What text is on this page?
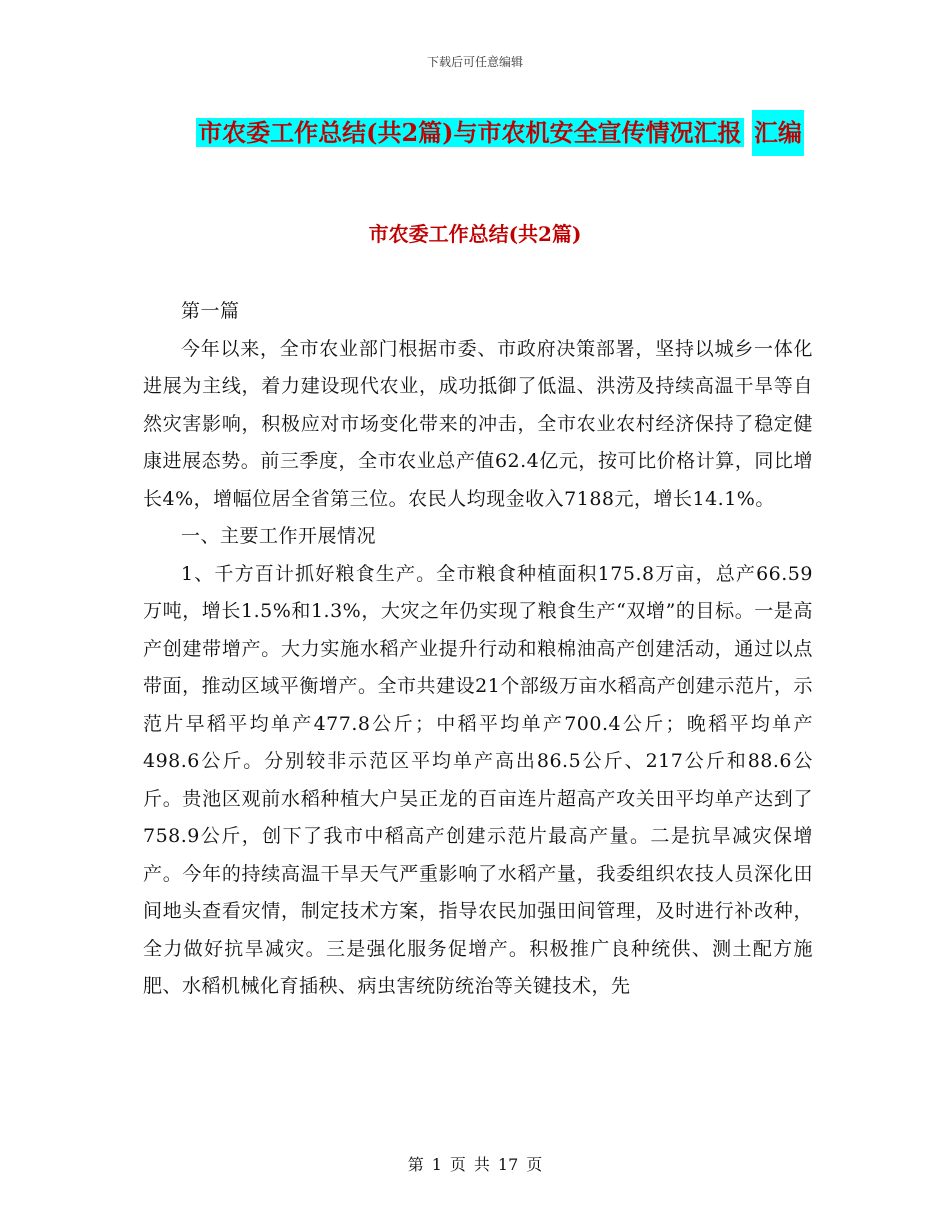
下载后可任意编辑
市农委工作总结(共2篇)与市农机安全宣传情况汇报 汇编
市农委工作总结(共2篇)

第一篇

今年以来，全市农业部门根据市委、市政府决策部署，坚持以城乡一体化进展为主线，着力建设现代农业，成功抵御了低温、洪涝及持续高温干旱等自然灾害影响，积极应对市场变化带来的冲击，全市农业农村经济保持了稳定健康进展态势。前三季度，全市农业总产值62.4亿元，按可比价格计算，同比增长4%，增幅位居全省第三位。农民人均现金收入7188元，增长14.1%。

一、主要工作开展情况

1、千方百计抓好粮食生产。全市粮食种植面积175.8万亩，总产66.59万吨，增长1.5%和1.3%，大灾之年仍实现了粮食生产“双增”的目标。一是高产创建带增产。大力实施水稻产业提升行动和粮棉油高产创建活动，通过以点带面，推动区域平衡增产。全市共建设21个部级万亩水稻高产创建示范片，示范片早稻平均单产477.8公斤；中稻平均单产700.4公斤；晚稻平均单产498.6公斤。分别较非示范区平均单产高出86.5公斤、217公斤和88.6公斤。贵池区观前水稻种植大户吴正龙的百亩连片超高产攻关田平均单产达到了758.9公斤，创下了我市中稻高产创建示范片最高产量。二是抗旱减灾保增产。今年的持续高温干旱天气严重影响了水稻产量，我委组织农技人员深化田间地头查看灾情，制定技术方案，指导农民加强田间管理，及时进行补改种，全力做好抗旱减灾。三是强化服务促增产。积极推广良种统供、测土配方施肥、水稻机械化育插秧、病虫害统防统治等关键技术，先

第 1 页 共 17 页
